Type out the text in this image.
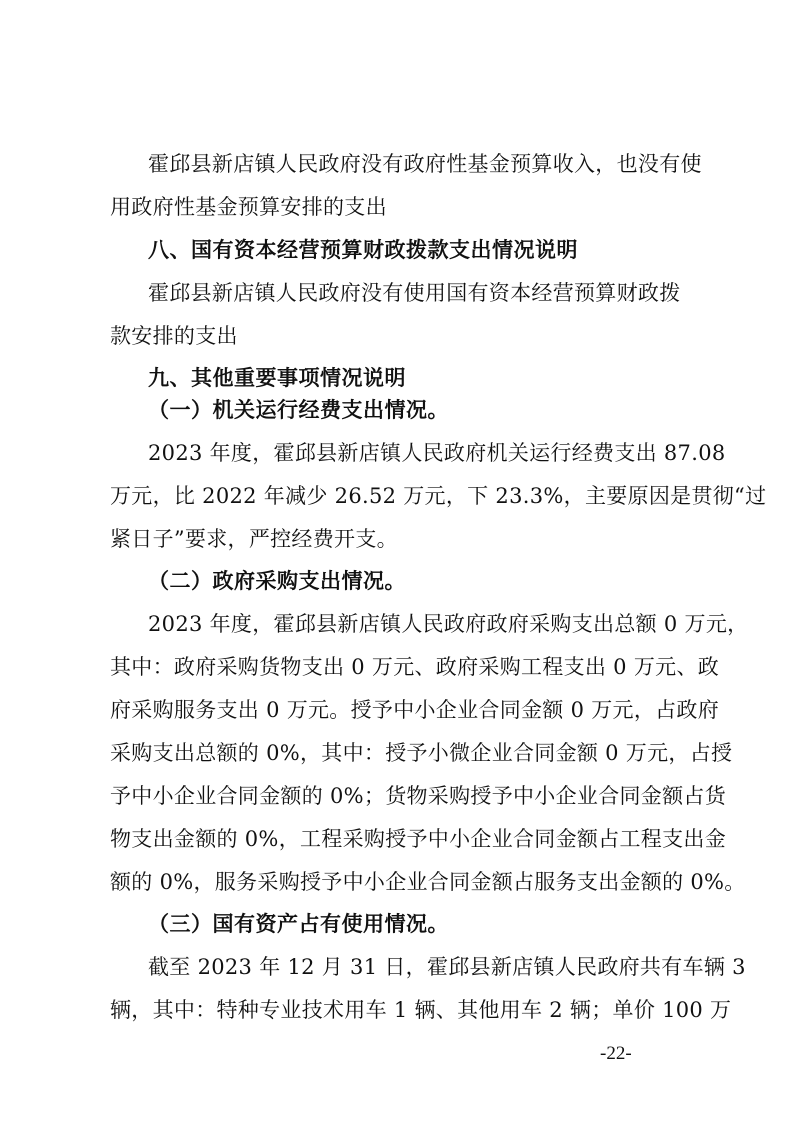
霍邱县新店镇人民政府没有政府性基金预算收入，也没有使
用政府性基金预算安排的支出
八、国有资本经营预算财政拨款支出情况说明
霍邱县新店镇人民政府没有使用国有资本经营预算财政拨
款安排的支出
九、其他重要事项情况说明
（一）机关运行经费支出情况。
2023 年度，霍邱县新店镇人民政府机关运行经费支出 87.08
万元，比 2022 年减少 26.52 万元，下 23.3%，主要原因是贯彻“过
紧日子”要求，严控经费开支。
（二）政府采购支出情况。
2023 年度，霍邱县新店镇人民政府政府采购支出总额 0 万元，
其中：政府采购货物支出 0 万元、政府采购工程支出 0 万元、政
府采购服务支出 0 万元。授予中小企业合同金额 0 万元，占政府
采购支出总额的 0%，其中：授予小微企业合同金额 0 万元，占授
予中小企业合同金额的 0%；货物采购授予中小企业合同金额占货
物支出金额的 0%，工程采购授予中小企业合同金额占工程支出金
额的 0%，服务采购授予中小企业合同金额占服务支出金额的 0%。
（三）国有资产占有使用情况。
截至 2023 年 12 月 31 日，霍邱县新店镇人民政府共有车辆 3
辆，其中：特种专业技术用车 1 辆、其他用车 2 辆；单价 100 万
-22-
